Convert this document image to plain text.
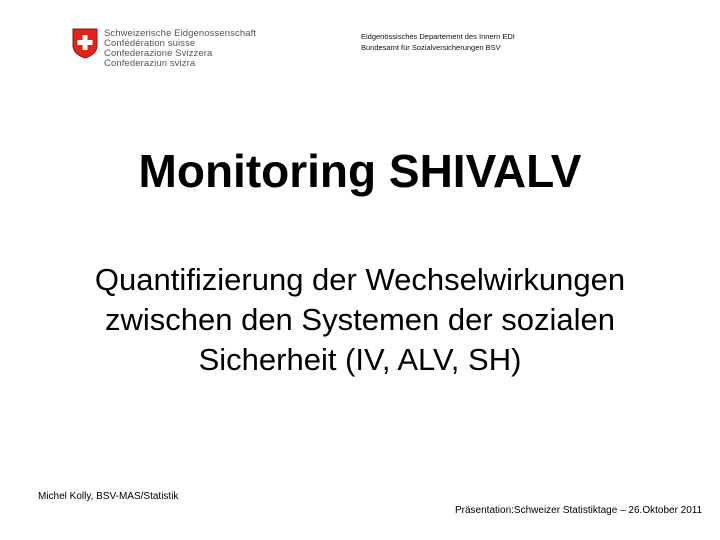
Schweizerische Eidgenossenschaft
Confédération suisse
Confederazione Svizzera
Confederaziun svizra
Eidgenössisches Departement des Innern EDI
Bundesamt für Sozialversicherungen BSV
Monitoring SHIVALV
Quantifizierung der Wechselwirkungen
zwischen den Systemen der sozialen
Sicherheit (IV, ALV, SH)
Michel Kolly, BSV-MAS/Statistik
Präsentation:Schweizer Statistiktage – 26.Oktober 2011
